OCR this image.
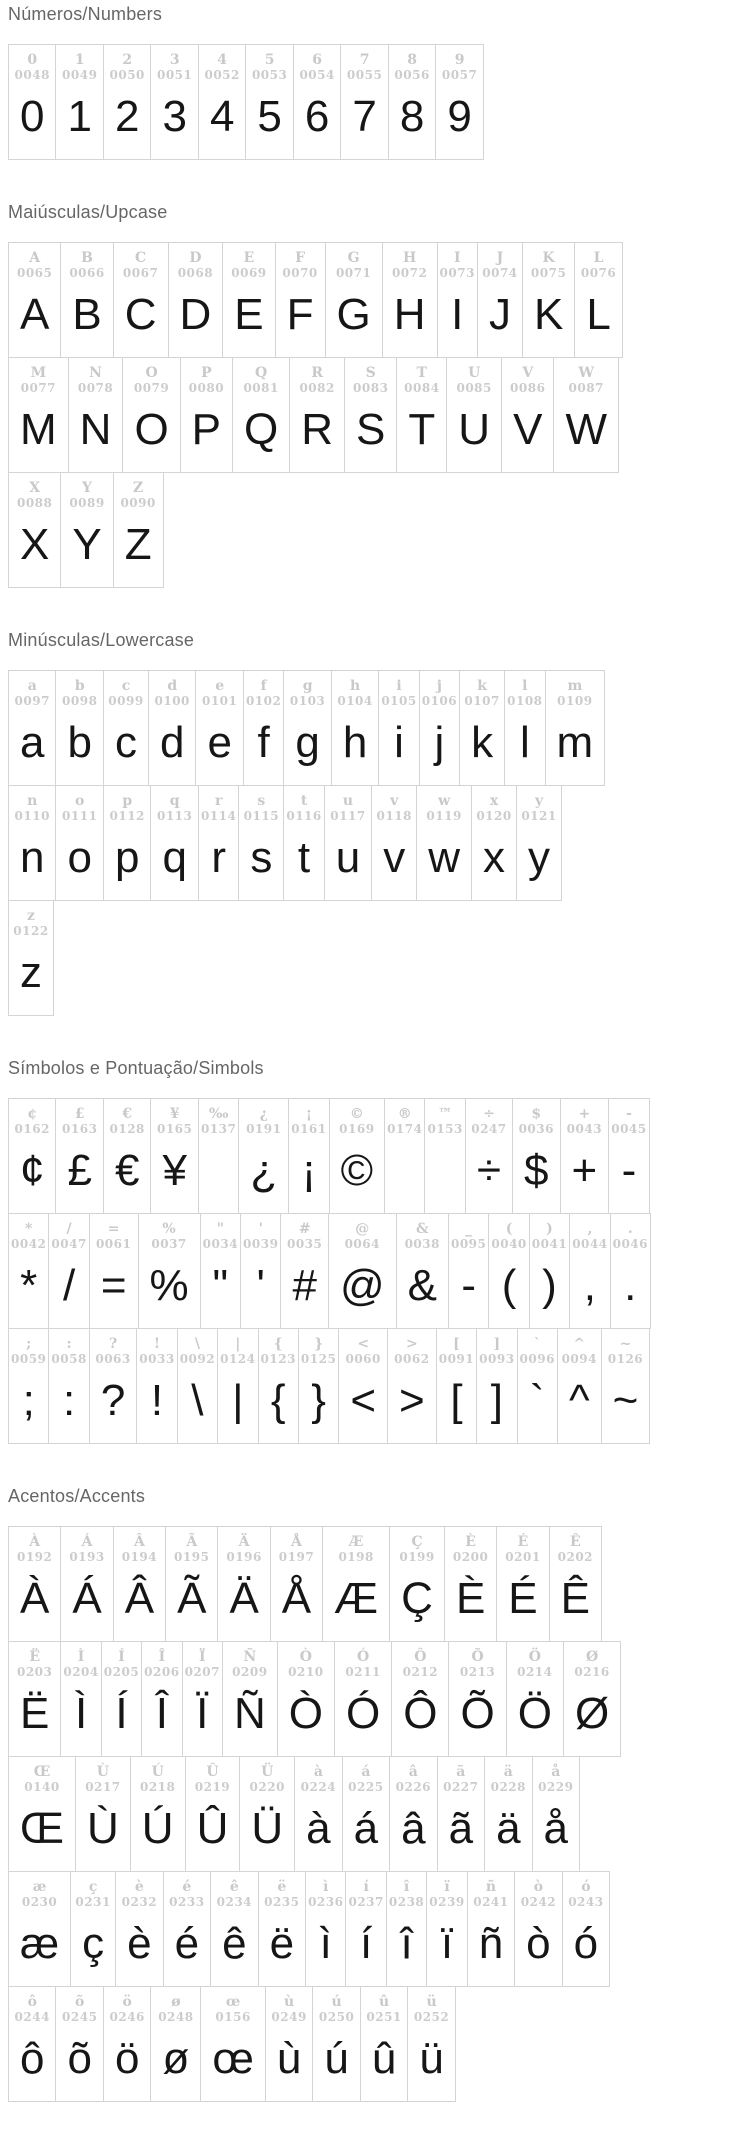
Números/Numbers
0
0048
0
1
0049
1
2
0050
2
3
0051
3
4
0052
4
5
0053
5
6
0054
6
7
0055
7
8
0056
8
9
0057
9
Maiúsculas/Upcase
A
0065
A
B
0066
B
C
0067
C
D
0068
D
E
0069
E
F
0070
F
G
0071
G
H
0072
H
I
0073
I
J
0074
J
K
0075
K
L
0076
L
M
0077
M
N
0078
N
O
0079
O
P
0080
P
Q
0081
Q
R
0082
R
S
0083
S
T
0084
T
U
0085
U
V
0086
V
W
0087
W
X
0088
X
Y
0089
Y
Z
0090
Z
Minúsculas/Lowercase
a
0097
a
b
0098
b
c
0099
c
d
0100
d
e
0101
e
f
0102
f
g
0103
g
h
0104
h
i
0105
i
j
0106
j
k
0107
k
l
0108
l
m
0109
m
n
0110
n
o
0111
o
p
0112
p
q
0113
q
r
0114
r
s
0115
s
t
0116
t
u
0117
u
v
0118
v
w
0119
w
x
0120
x
y
0121
y
z
0122
z
Símbolos e Pontuação/Simbols
¢
0162
¢
£
0163
£
€
0128
€
¥
0165
¥
‰
0137
¿
0191
¿
¡
0161
¡
©
0169
©
®
0174
™
0153
÷
0247
÷
$
0036
$
+
0043
+
-
0045
-
*
0042
*
/
0047
/
=
0061
=
%
0037
%
"
0034
"
'
0039
'
#
0035
#
@
0064
@
&
0038
&
_
0095
-
(
0040
(
)
0041
)
,
0044
,
.
0046
.
;
0059
;
:
0058
:
?
0063
?
!
0033
!
\
0092
\
|
0124
|
{
0123
{
}
0125
}
<
0060
<
>
0062
>
[
0091
[
]
0093
]
`
0096
`
^
0094
^
~
0126
~
Acentos/Accents
À
0192
À
Á
0193
Á
Â
0194
Â
Ã
0195
Ã
Ä
0196
Ä
Å
0197
Å
Æ
0198
Æ
Ç
0199
Ç
È
0200
È
É
0201
É
Ê
0202
Ê
Ë
0203
Ë
Ì
0204
Ì
Í
0205
Í
Î
0206
Î
Ï
0207
Ï
Ñ
0209
Ñ
Ò
0210
Ò
Ó
0211
Ó
Ô
0212
Ô
Õ
0213
Õ
Ö
0214
Ö
Ø
0216
Ø
Œ
0140
Œ
Ù
0217
Ù
Ú
0218
Ú
Û
0219
Û
Ü
0220
Ü
à
0224
à
á
0225
á
â
0226
â
ã
0227
ã
ä
0228
ä
å
0229
å
æ
0230
æ
ç
0231
ç
è
0232
è
é
0233
é
ê
0234
ê
ë
0235
ë
ì
0236
ì
í
0237
í
î
0238
î
ï
0239
ï
ñ
0241
ñ
ò
0242
ò
ó
0243
ó
ô
0244
ô
õ
0245
õ
ö
0246
ö
ø
0248
ø
œ
0156
œ
ù
0249
ù
ú
0250
ú
û
0251
û
ü
0252
ü
